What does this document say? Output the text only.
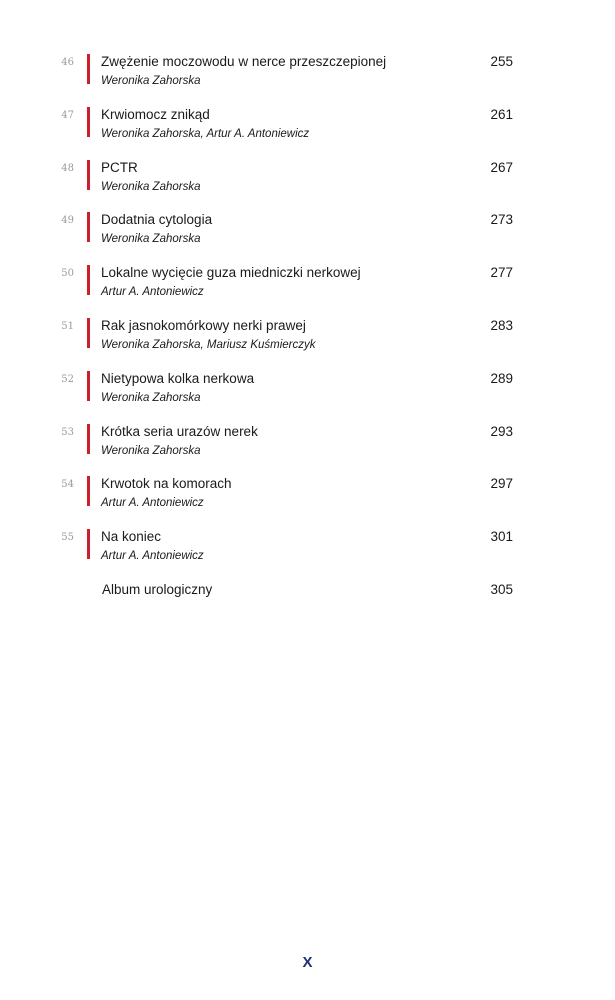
46 Zwężenie moczowodu w nerce przeszczepionej
Weronika Zahorska
255
47 Krwiomocz znikąd
Weronika Zahorska, Artur A. Antoniewicz
261
48 PCTR
Weronika Zahorska
267
49 Dodatnia cytologia
Weronika Zahorska
273
50 Lokalne wycięcie guza miedniczki nerkowej
Artur A. Antoniewicz
277
51 Rak jasnokomórkowy nerki prawej
Weronika Zahorska, Mariusz Kuśmierczyk
283
52 Nietypowa kolka nerkowa
Weronika Zahorska
289
53 Krótka seria urazów nerek
Weronika Zahorska
293
54 Krwotok na komorach
Artur A. Antoniewicz
297
55 Na koniec
Artur A. Antoniewicz
301
Album urologiczny	305
X
